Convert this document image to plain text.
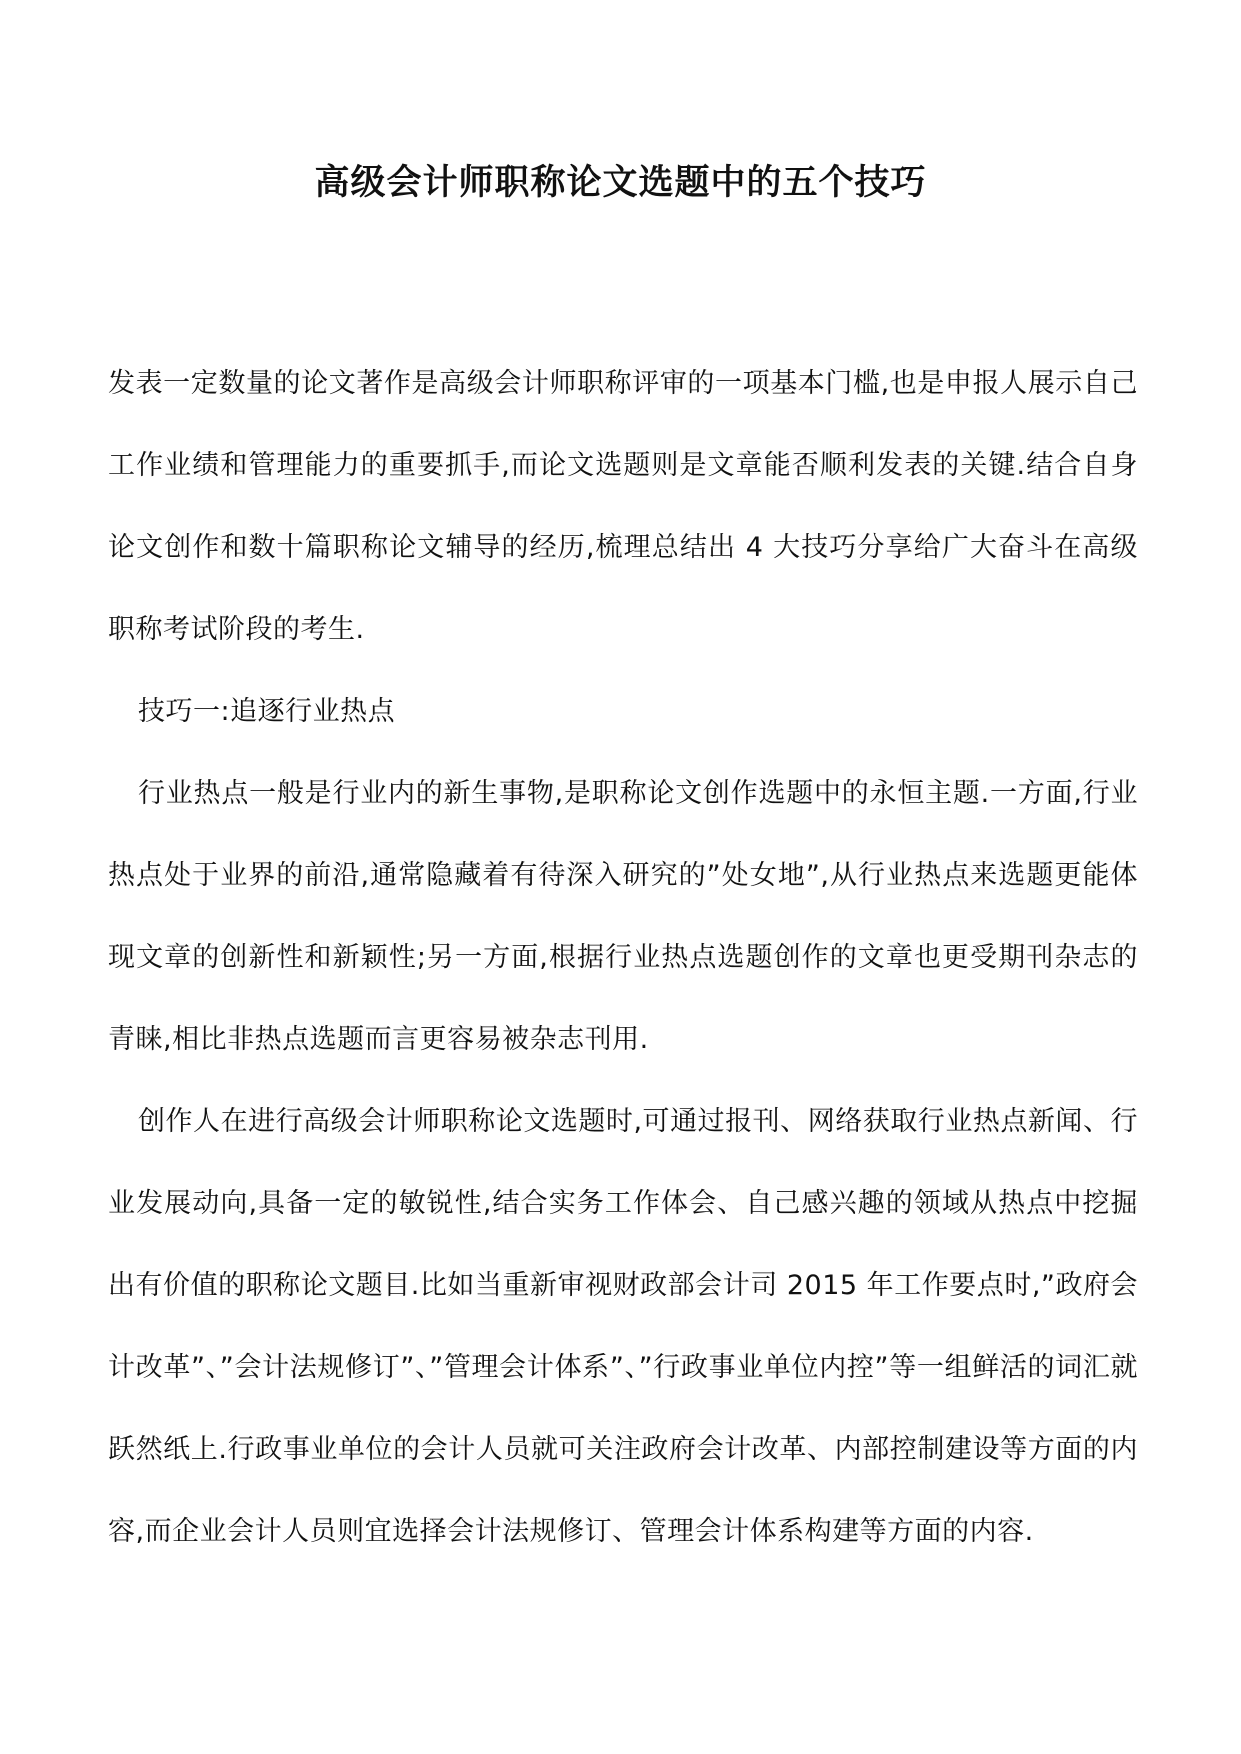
高级会计师职称论文选题中的五个技巧

发表一定数量的论文著作是高级会计师职称评审的一项基本门槛,也是申报人展示自己工作业绩和管理能力的重要抓手,而论文选题则是文章能否顺利发表的关键.结合自身论文创作和数十篇职称论文辅导的经历,梳理总结出 4 大技巧分享给广大奋斗在高级职称考试阶段的考生.

技巧一:追逐行业热点

行业热点一般是行业内的新生事物,是职称论文创作选题中的永恒主题.一方面,行业热点处于业界的前沿,通常隐藏着有待深入研究的”处女地”,从行业热点来选题更能体现文章的创新性和新颖性;另一方面,根据行业热点选题创作的文章也更受期刊杂志的青睐,相比非热点选题而言更容易被杂志刊用.

创作人在进行高级会计师职称论文选题时,可通过报刊、网络获取行业热点新闻、行业发展动向,具备一定的敏锐性,结合实务工作体会、自己感兴趣的领域从热点中挖掘出有价值的职称论文题目.比如当重新审视财政部会计司 2015 年工作要点时,”政府会计改革”、”会计法规修订”、”管理会计体系”、”行政事业单位内控”等一组鲜活的词汇就跃然纸上.行政事业单位的会计人员就可关注政府会计改革、内部控制建设等方面的内容,而企业会计人员则宜选择会计法规修订、管理会计体系构建等方面的内容.
